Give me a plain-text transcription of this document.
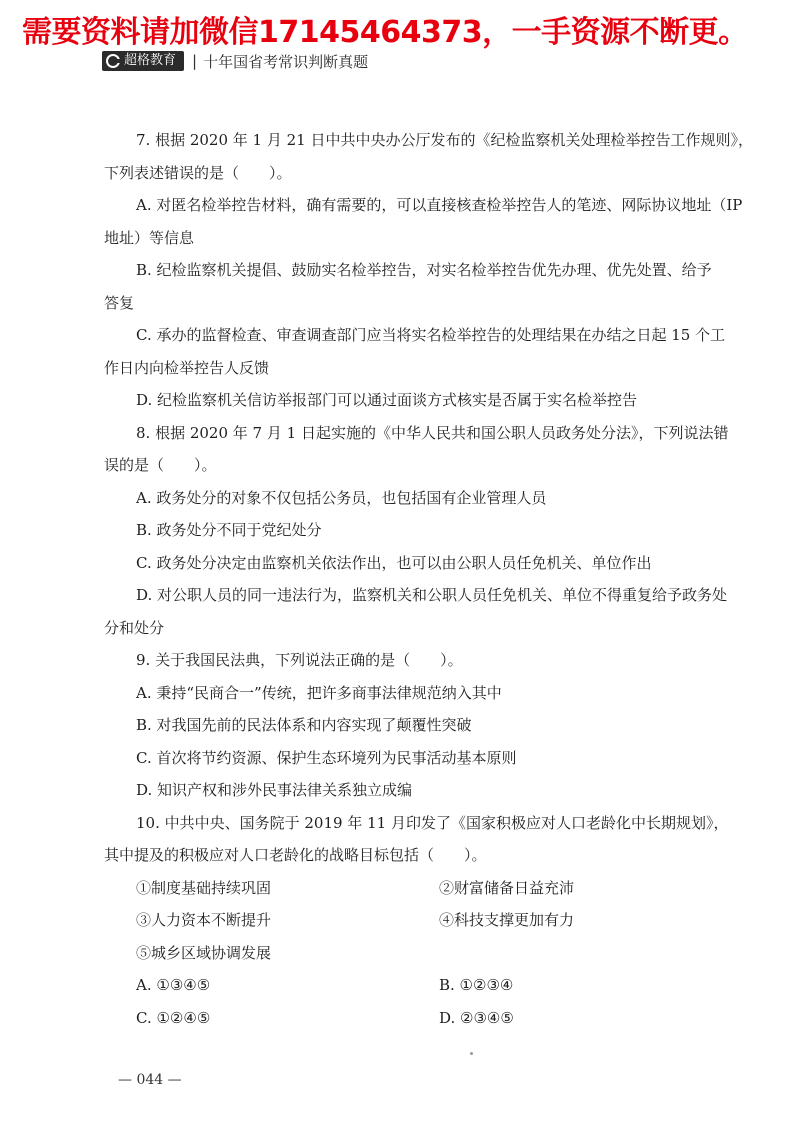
需要资料请加微信17145464373，一手资源不断更。
超格教育 | 十年国省考常识判断真题
7. 根据 2020 年 1 月 21 日中共中央办公厅发布的《纪检监察机关处理检举控告工作规则》，
下列表述错误的是（　　）。
A. 对匿名检举控告材料，确有需要的，可以直接核查检举控告人的笔迹、网际协议地址（IP
地址）等信息
B. 纪检监察机关提倡、鼓励实名检举控告，对实名检举控告优先办理、优先处置、给予
答复
C. 承办的监督检查、审查调查部门应当将实名检举控告的处理结果在办结之日起 15 个工
作日内向检举控告人反馈
D. 纪检监察机关信访举报部门可以通过面谈方式核实是否属于实名检举控告
8. 根据 2020 年 7 月 1 日起实施的《中华人民共和国公职人员政务处分法》，下列说法错
误的是（　　）。
A. 政务处分的对象不仅包括公务员，也包括国有企业管理人员
B. 政务处分不同于党纪处分
C. 政务处分决定由监察机关依法作出，也可以由公职人员任免机关、单位作出
D. 对公职人员的同一违法行为，监察机关和公职人员任免机关、单位不得重复给予政务处
分和处分
9. 关于我国民法典，下列说法正确的是（　　）。
A. 秉持“民商合一”传统，把许多商事法律规范纳入其中
B. 对我国先前的民法体系和内容实现了颠覆性突破
C. 首次将节约资源、保护生态环境列为民事活动基本原则
D. 知识产权和涉外民事法律关系独立成编
10. 中共中央、国务院于 2019 年 11 月印发了《国家积极应对人口老龄化中长期规划》，
其中提及的积极应对人口老龄化的战略目标包括（　　）。
①制度基础持续巩固	②财富储备日益充沛
③人力资本不断提升	④科技支撑更加有力
⑤城乡区域协调发展
A. ①③④⑤	B. ①②③④
C. ①②④⑤	D. ②③④⑤
— 044 —
